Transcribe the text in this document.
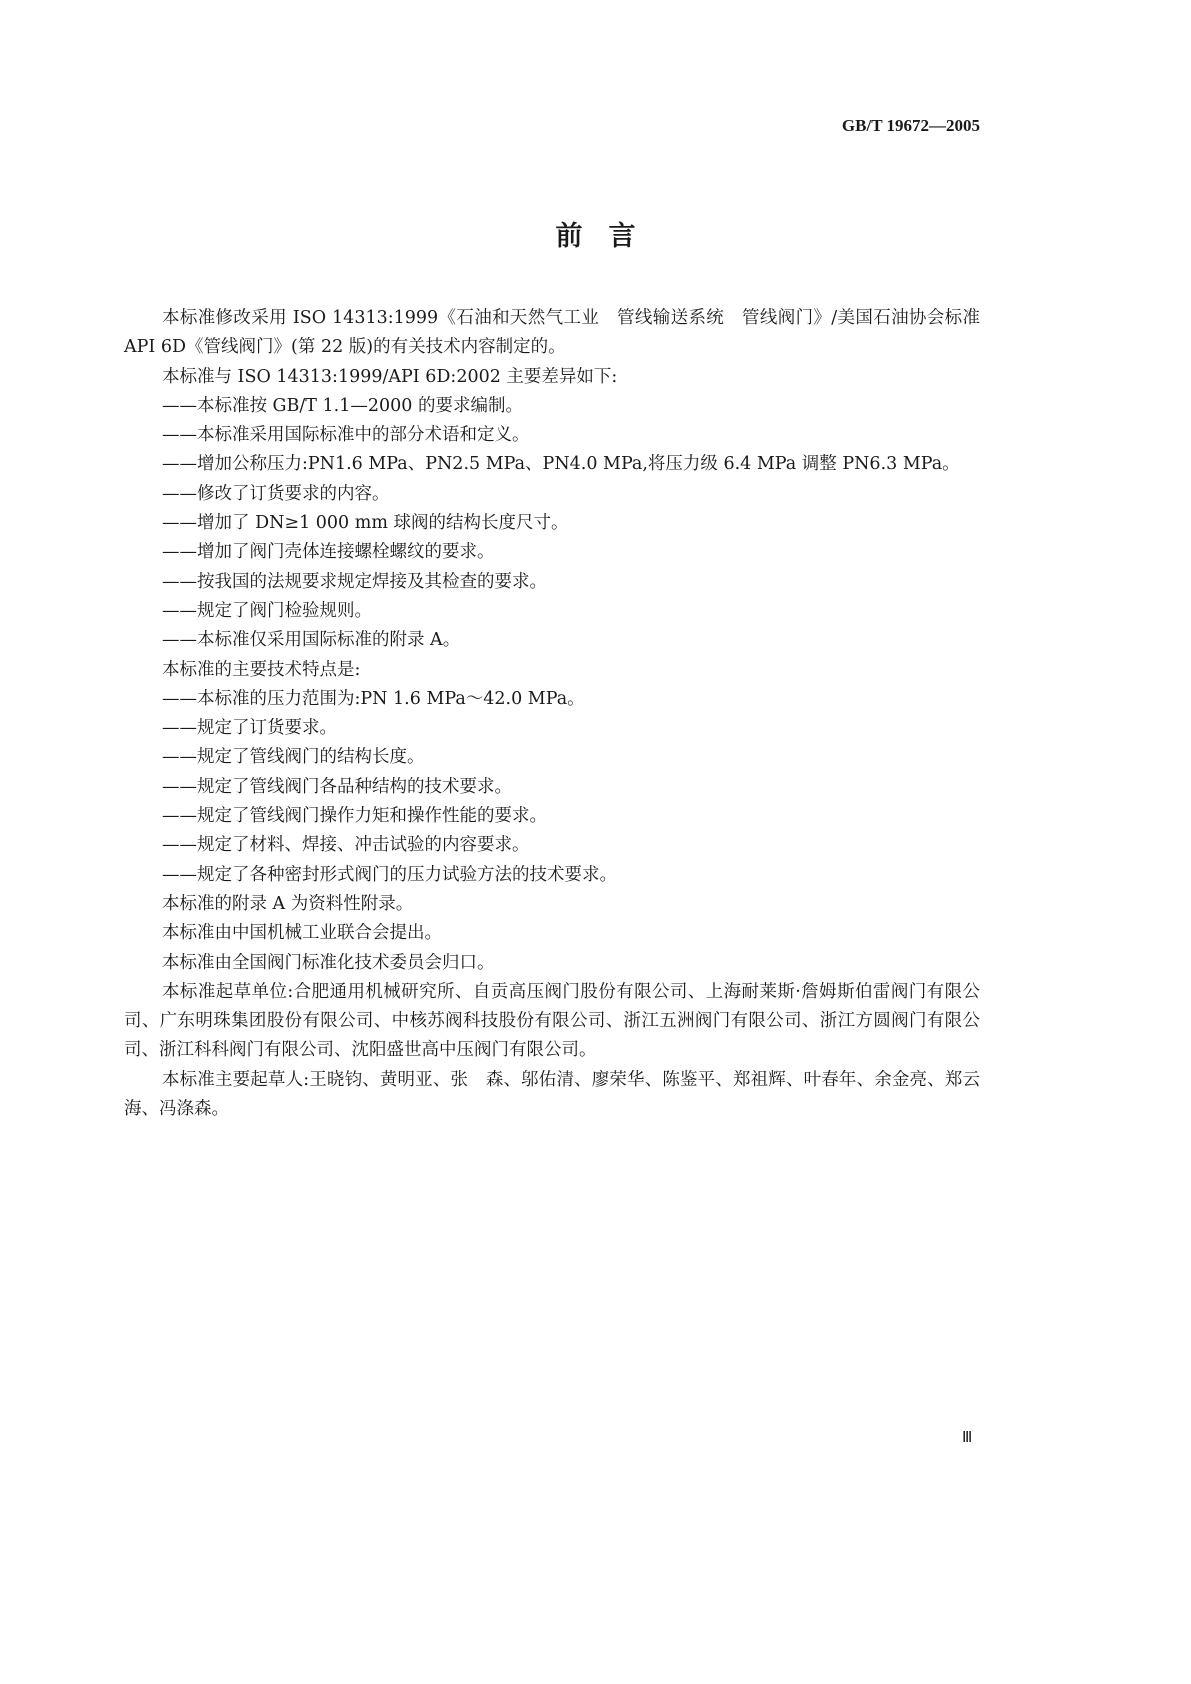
GB/T 19672—2005
前言

本标准修改采用 ISO 14313:1999《石油和天然气工业　管线输送系统　管线阀门》/美国石油协会标准 API 6D《管线阀门》(第 22 版)的有关技术内容制定的。

本标准与 ISO 14313:1999/API 6D:2002 主要差异如下:

——本标准按 GB/T 1.1—2000 的要求编制。

——本标准采用国际标准中的部分术语和定义。

——增加公称压力:PN1.6 MPa、PN2.5 MPa、PN4.0 MPa,将压力级 6.4 MPa 调整 PN6.3 MPa。

——修改了订货要求的内容。

——增加了 DN≥1 000 mm 球阀的结构长度尺寸。

——增加了阀门壳体连接螺栓螺纹的要求。

——按我国的法规要求规定焊接及其检查的要求。

——规定了阀门检验规则。

——本标准仅采用国际标准的附录 A。

本标准的主要技术特点是:

——本标准的压力范围为:PN 1.6 MPa～42.0 MPa。

——规定了订货要求。

——规定了管线阀门的结构长度。

——规定了管线阀门各品种结构的技术要求。

——规定了管线阀门操作力矩和操作性能的要求。

——规定了材料、焊接、冲击试验的内容要求。

——规定了各种密封形式阀门的压力试验方法的技术要求。

本标准的附录 A 为资料性附录。

本标准由中国机械工业联合会提出。

本标准由全国阀门标准化技术委员会归口。

本标准起草单位:合肥通用机械研究所、自贡高压阀门股份有限公司、上海耐莱斯·詹姆斯伯雷阀门有限公司、广东明珠集团股份有限公司、中核苏阀科技股份有限公司、浙江五洲阀门有限公司、浙江方圆阀门有限公司、浙江科科阀门有限公司、沈阳盛世高中压阀门有限公司。

本标准主要起草人:王晓钧、黄明亚、张　森、邬佑清、廖荣华、陈鉴平、郑祖辉、叶春年、余金亮、郑云海、冯涤森。

Ⅲ
